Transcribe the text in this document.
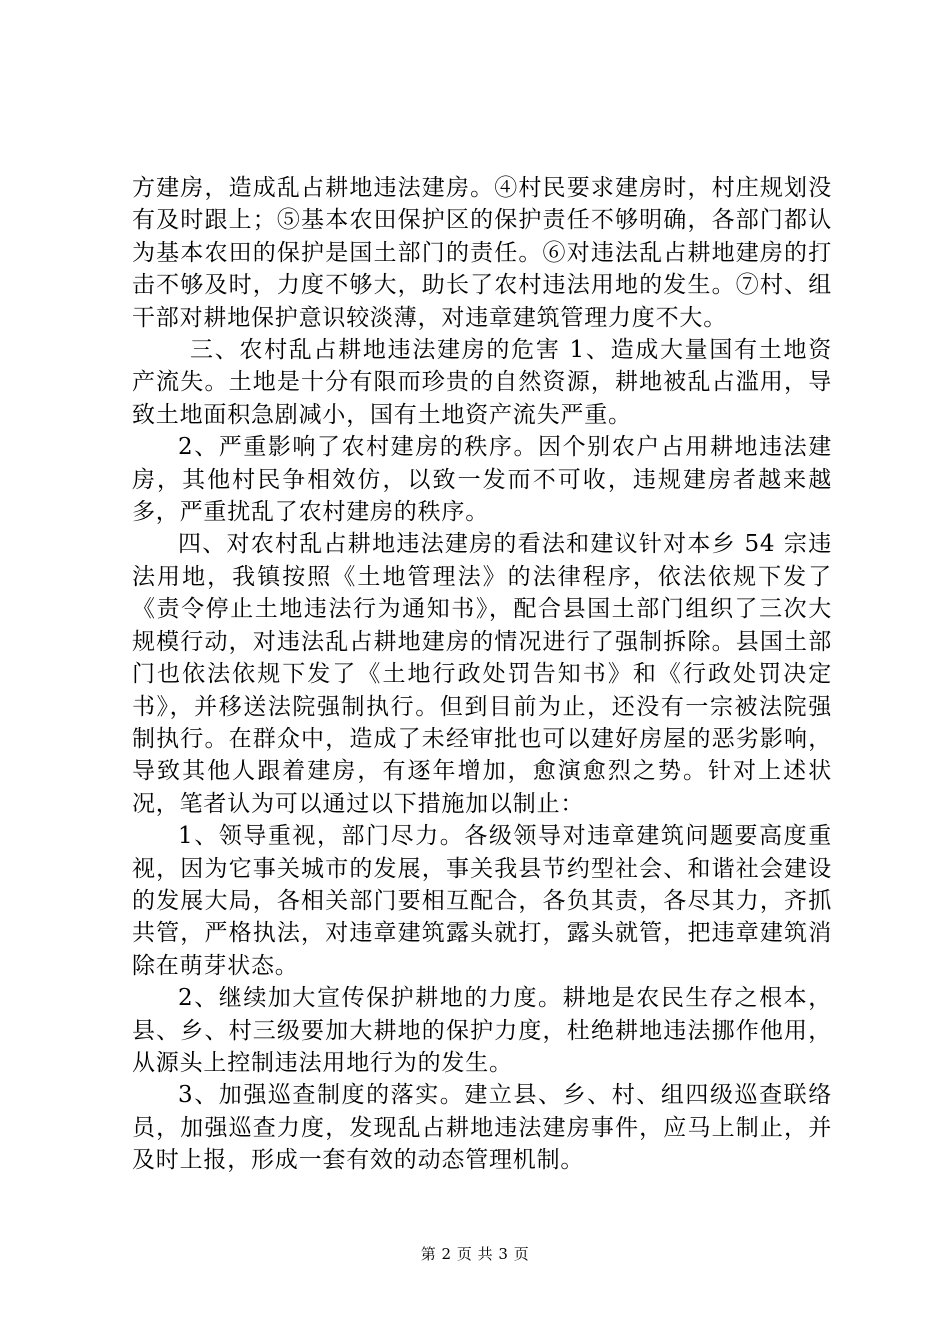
方建房，造成乱占耕地违法建房。④村民要求建房时，村庄规划没有及时跟上；⑤基本农田保护区的保护责任不够明确，各部门都认为基本农田的保护是国土部门的责任。⑥对违法乱占耕地建房的打击不够及时，力度不够大，助长了农村违法用地的发生。⑦村、组干部对耕地保护意识较淡薄，对违章建筑管理力度不大。

三、农村乱占耕地违法建房的危害 1、造成大量国有土地资产流失。土地是十分有限而珍贵的自然资源，耕地被乱占滥用，导致土地面积急剧减小，国有土地资产流失严重。

2、严重影响了农村建房的秩序。因个别农户占用耕地违法建房，其他村民争相效仿，以致一发而不可收，违规建房者越来越多，严重扰乱了农村建房的秩序。

四、对农村乱占耕地违法建房的看法和建议针对本乡 54 宗违法用地，我镇按照《土地管理法》的法律程序，依法依规下发了《责令停止土地违法行为通知书》，配合县国土部门组织了三次大规模行动，对违法乱占耕地建房的情况进行了强制拆除。县国土部门也依法依规下发了《土地行政处罚告知书》和《行政处罚决定书》，并移送法院强制执行。但到目前为止，还没有一宗被法院强制执行。在群众中，造成了未经审批也可以建好房屋的恶劣影响，导致其他人跟着建房，有逐年增加，愈演愈烈之势。针对上述状况，笔者认为可以通过以下措施加以制止：

1、领导重视，部门尽力。各级领导对违章建筑问题要高度重视，因为它事关城市的发展，事关我县节约型社会、和谐社会建设的发展大局，各相关部门要相互配合，各负其责，各尽其力，齐抓共管，严格执法，对违章建筑露头就打，露头就管，把违章建筑消除在萌芽状态。

2、继续加大宣传保护耕地的力度。耕地是农民生存之根本，县、乡、村三级要加大耕地的保护力度，杜绝耕地违法挪作他用，从源头上控制违法用地行为的发生。

3、加强巡查制度的落实。建立县、乡、村、组四级巡查联络员，加强巡查力度，发现乱占耕地违法建房事件，应马上制止，并及时上报，形成一套有效的动态管理机制。

第 2 页 共 3 页
